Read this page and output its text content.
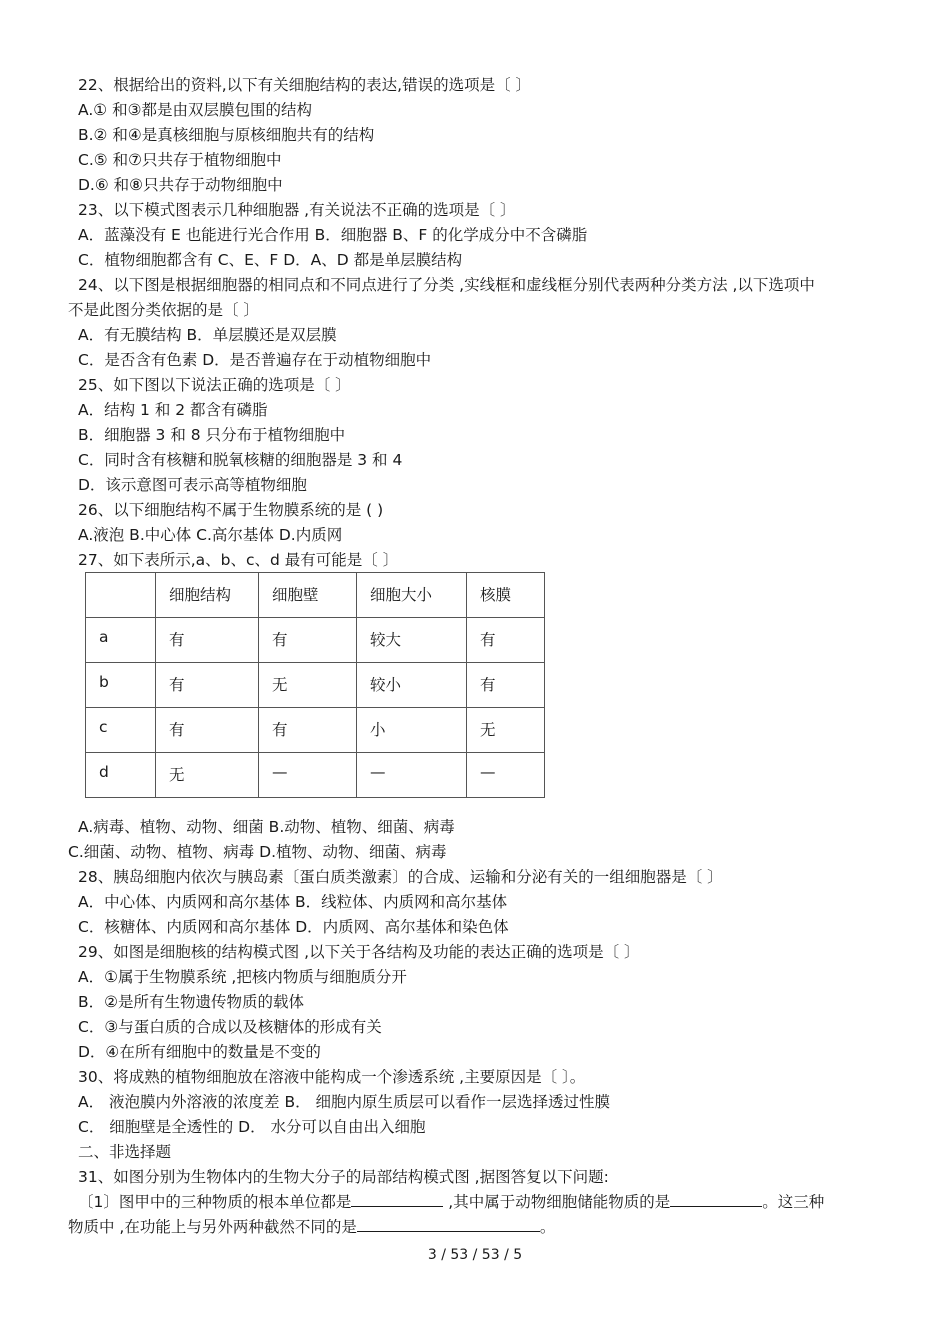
22、根据给出的资料,以下有关细胞结构的表达,错误的选项是〔 〕
A.① 和③都是由双层膜包围的结构
B.② 和④是真核细胞与原核细胞共有的结构
C.⑤ 和⑦只共存于植物细胞中
D.⑥ 和⑧只共存于动物细胞中
23、以下模式图表示几种细胞器 ,有关说法不正确的选项是〔 〕
A．蓝藻没有 E 也能进行光合作用 B．细胞器 B、F 的化学成分中不含磷脂
C．植物细胞都含有 C、E、F D．A、D 都是单层膜结构
24、以下图是根据细胞器的相同点和不同点进行了分类 ,实线框和虚线框分别代表两种分类方法 ,以下选项中
不是此图分类依据的是〔 〕
A．有无膜结构 B．单层膜还是双层膜
C．是否含有色素 D．是否普遍存在于动植物细胞中
25、如下图以下说法正确的选项是〔 〕
A．结构 1 和 2 都含有磷脂
B．细胞器 3 和 8 只分布于植物细胞中
C．同时含有核糖和脱氧核糖的细胞器是 3 和 4
D．该示意图可表示高等植物细胞
26、以下细胞结构不属于生物膜系统的是 ( )
A.液泡 B.中心体 C.高尔基体 D.内质网
27、如下表所示,a、b、c、d 最有可能是〔 〕
	细胞结构	细胞壁	细胞大小	核膜
a	有	有	较大	有
b	有	无	较小	有
c	有	有	小	无
d	无	—	—	—
A.病毒、植物、动物、细菌 B.动物、植物、细菌、病毒
C.细菌、动物、植物、病毒 D.植物、动物、细菌、病毒
28、胰岛细胞内依次与胰岛素〔蛋白质类激素〕的合成、运输和分泌有关的一组细胞器是〔 〕
A．中心体、内质网和高尔基体 B．线粒体、内质网和高尔基体
C．核糖体、内质网和高尔基体 D．内质网、高尔基体和染色体
29、如图是细胞核的结构模式图 ,以下关于各结构及功能的表达正确的选项是〔 〕
A．①属于生物膜系统 ,把核内物质与细胞质分开
B．②是所有生物遗传物质的载体
C．③与蛋白质的合成以及核糖体的形成有关
D．④在所有细胞中的数量是不变的
30、将成熟的植物细胞放在溶液中能构成一个渗透系统 ,主要原因是〔 〕。
A． 液泡膜内外溶液的浓度差 B． 细胞内原生质层可以看作一层选择透过性膜
C． 细胞壁是全透性的 D． 水分可以自由出入细胞
二、非选择题
31、如图分别为生物体内的生物大分子的局部结构模式图 ,据图答复以下问题:
〔1〕图甲中的三种物质的根本单位都是	,其中属于动物细胞储能物质的是	。这三种
物质中 ,在功能上与另外两种截然不同的是	。
3 / 53 / 53 / 5
